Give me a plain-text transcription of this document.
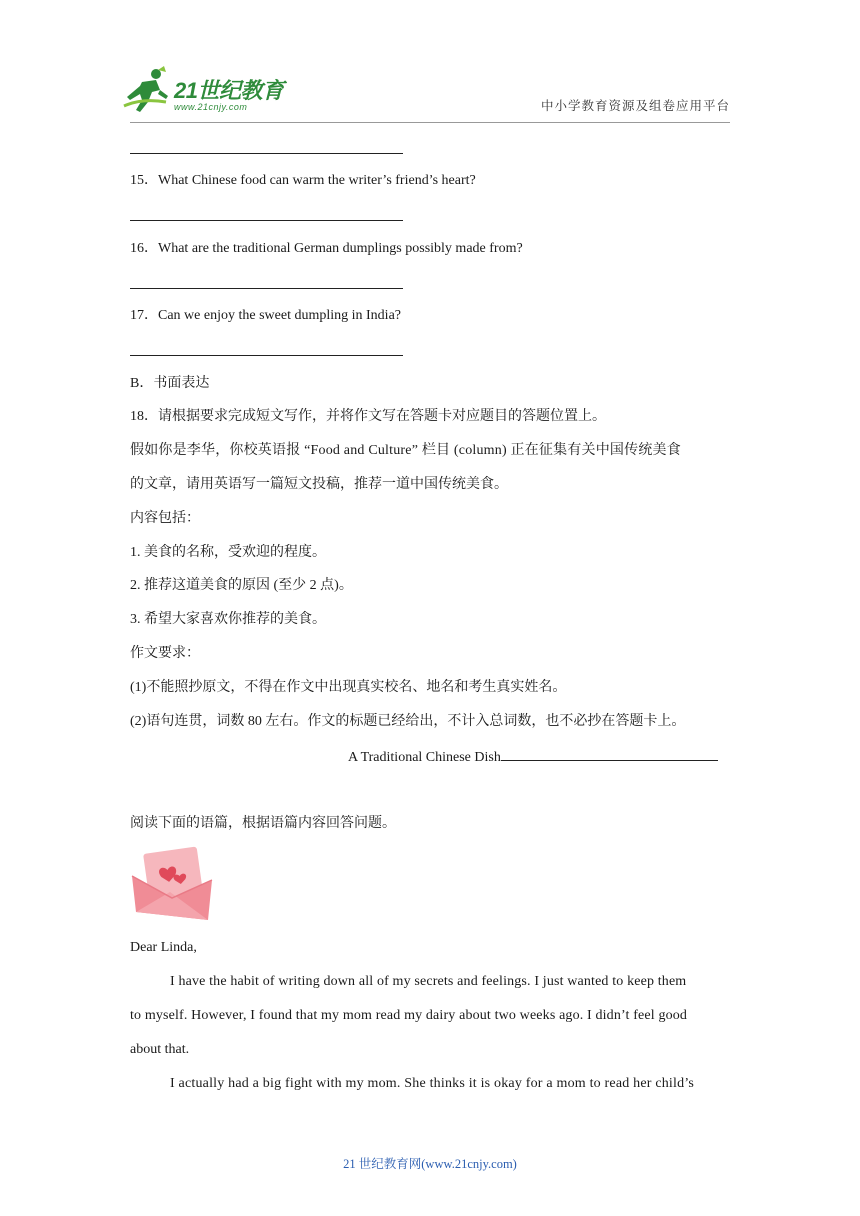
21世纪教育
www.21cnjy.com	中小学教育资源及组卷应用平台
15．What Chinese food can warm the writer’s friend’s heart?
16．What are the traditional German dumplings possibly made from?
17．Can we enjoy the sweet dumpling in India?
B．书面表达
18．请根据要求完成短文写作，并将作文写在答题卡对应题目的答题位置上。
假如你是李华，你校英语报 “Food and Culture” 栏目 (column) 正在征集有关中国传统美食
的文章，请用英语写一篇短文投稿，推荐一道中国传统美食。
内容包括：
1. 美食的名称，受欢迎的程度。
2. 推荐这道美食的原因 (至少 2 点)。
3. 希望大家喜欢你推荐的美食。
作文要求：
(1)不能照抄原文，不得在作文中出现真实校名、地名和考生真实姓名。
(2)语句连贯，词数 80 左右。作文的标题已经给出，不计入总词数，也不必抄在答题卡上。
A Traditional Chinese Dish
阅读下面的语篇，根据语篇内容回答问题。
Dear Linda,
I have the habit of writing down all of my secrets and feelings. I just wanted to keep them
to myself. However, I found that my mom read my dairy about two weeks ago. I didn’t feel good
about that.
I actually had a big fight with my mom. She thinks it is okay for a mom to read her child’s
21 世纪教育网(www.21cnjy.com)
